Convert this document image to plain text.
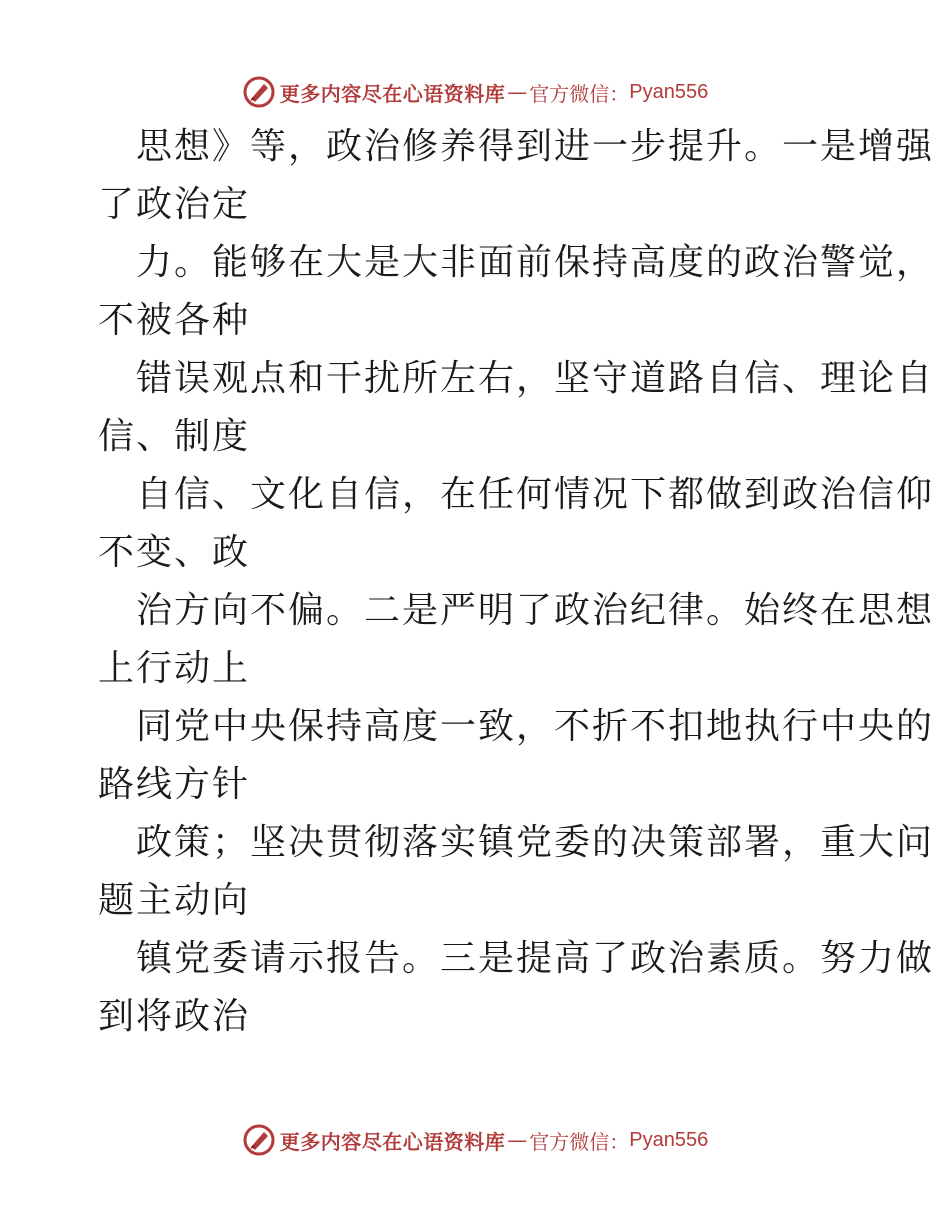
更多内容尽在心语资料库 — 官方微信： Pyan556
思想》等，政治修养得到进一步提升。一是增强
了政治定
力。能够在大是大非面前保持高度的政治警觉，
不被各种
错误观点和干扰所左右，坚守道路自信、理论自
信、制度
自信、文化自信，在任何情况下都做到政治信仰
不变、政
治方向不偏。二是严明了政治纪律。始终在思想
上行动上
同党中央保持高度一致，不折不扣地执行中央的
路线方针
政策；坚决贯彻落实镇党委的决策部署，重大问
题主动向
镇党委请示报告。三是提高了政治素质。努力做
到将政治
更多内容尽在心语资料库 — 官方微信： Pyan556
